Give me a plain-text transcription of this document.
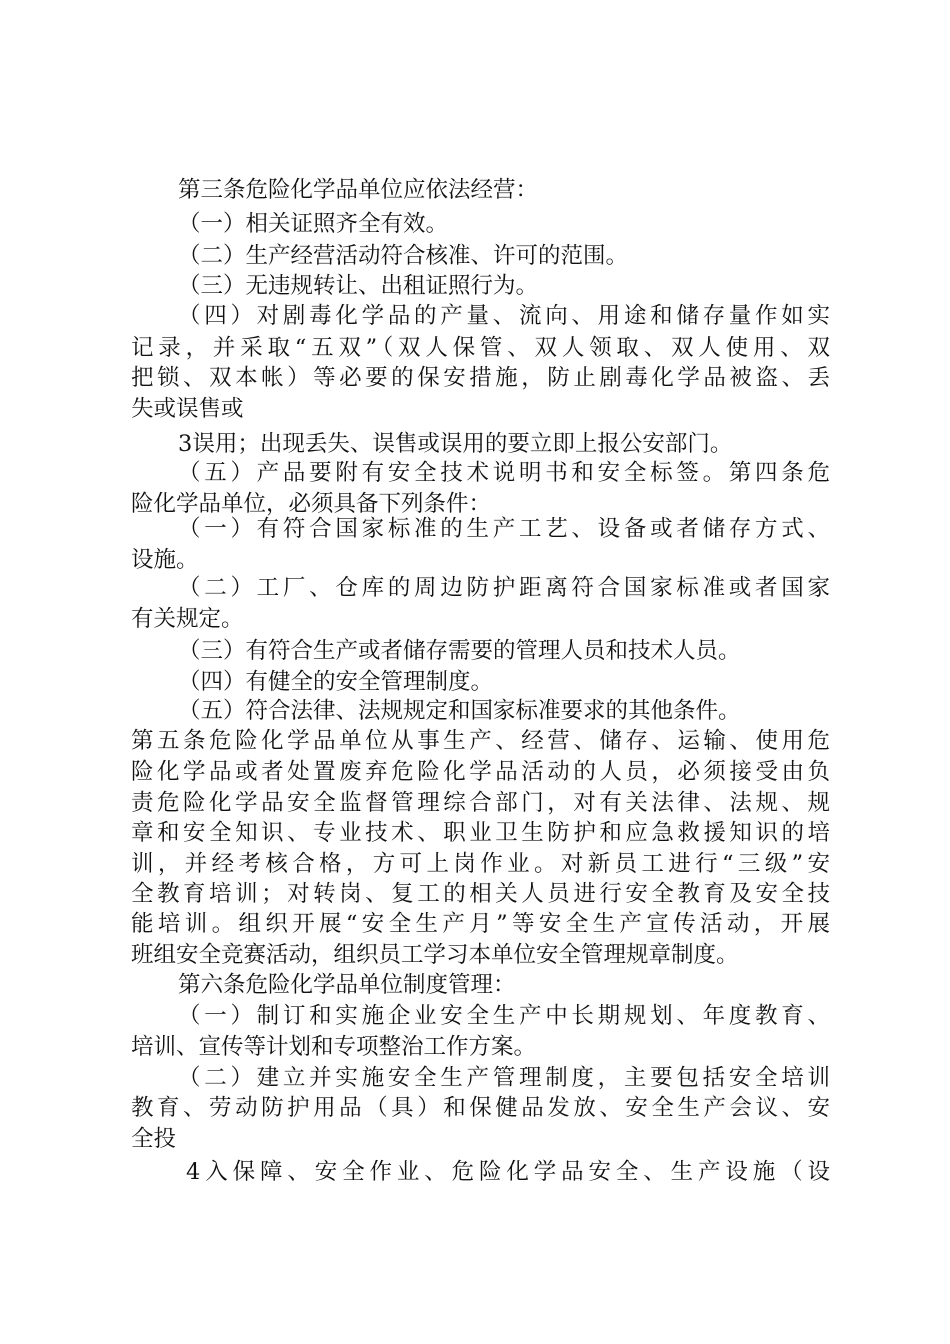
第三条危险化学品单位应依法经营：
（一）相关证照齐全有效。
（二）生产经营活动符合核准、许可的范围。
（三）无违规转让、出租证照行为。
（四）对剧毒化学品的产量、流向、用途和储存量作如实
记录，并采取“五双”（双人保管、双人领取、双人使用、双
把锁、双本帐）等必要的保安措施，防止剧毒化学品被盗、丢
失或误售或
3误用；出现丢失、误售或误用的要立即上报公安部门。
（五）产品要附有安全技术说明书和安全标签。第四条危
险化学品单位，必须具备下列条件：
（一）有符合国家标准的生产工艺、设备或者储存方式、
设施。
（二）工厂、仓库的周边防护距离符合国家标准或者国家
有关规定。
（三）有符合生产或者储存需要的管理人员和技术人员。
（四）有健全的安全管理制度。
（五）符合法律、法规规定和国家标准要求的其他条件。
第五条危险化学品单位从事生产、经营、储存、运输、使用危
险化学品或者处置废弃危险化学品活动的人员，必须接受由负
责危险化学品安全监督管理综合部门，对有关法律、法规、规
章和安全知识、专业技术、职业卫生防护和应急救援知识的培
训，并经考核合格，方可上岗作业。对新员工进行“三级”安
全教育培训；对转岗、复工的相关人员进行安全教育及安全技
能培训。组织开展“安全生产月”等安全生产宣传活动，开展
班组安全竞赛活动，组织员工学习本单位安全管理规章制度。
第六条危险化学品单位制度管理：
（一）制订和实施企业安全生产中长期规划、年度教育、
培训、宣传等计划和专项整治工作方案。
（二）建立并实施安全生产管理制度，主要包括安全培训
教育、劳动防护用品（具）和保健品发放、安全生产会议、安
全投
4入保障、安全作业、危险化学品安全、生产设施（设
